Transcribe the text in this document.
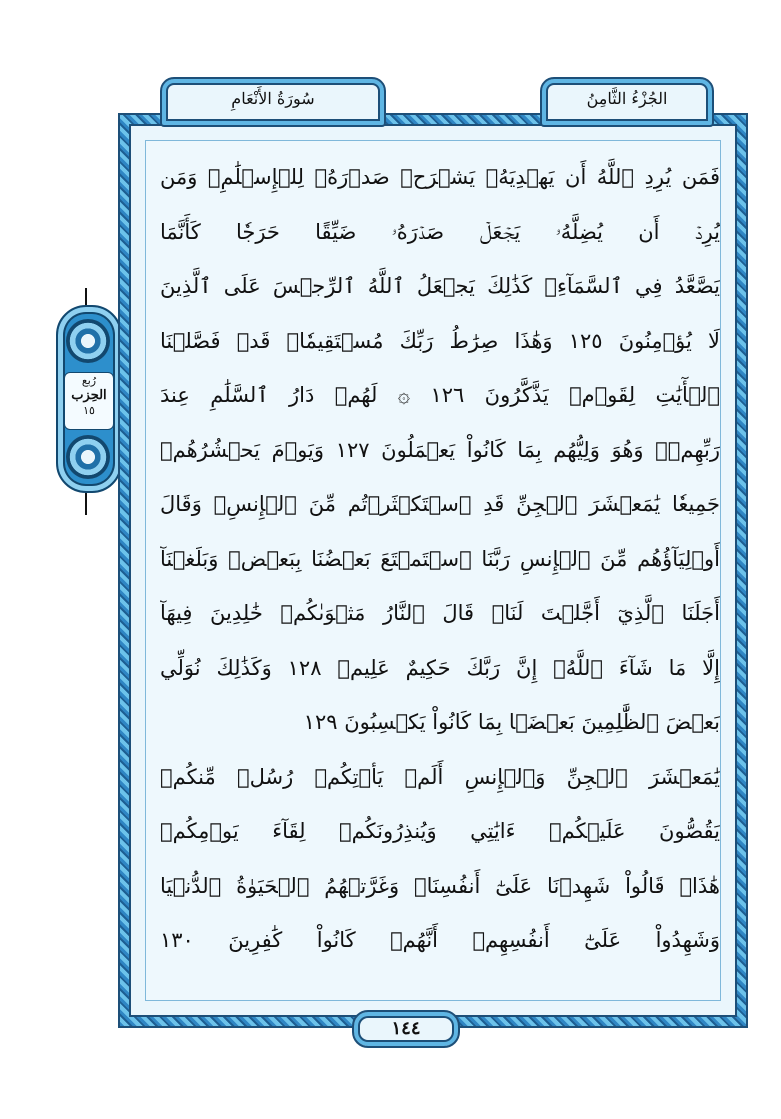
رُبع
الحِزب
١٥
سُورَةُ الأَنْعَامِ	الجُزْءُ الثَّامِنُ
فَمَن يُرِدِ ٱللَّهُ أَن يَهۡدِيَهُۥ يَشۡرَحۡ صَدۡرَهُۥ لِلۡإِسۡلَٰمِۖ وَمَن
يُرِدۡ أَن يُضِلَّهُۥ يَجۡعَلۡ صَدۡرَهُۥ ضَيِّقًا حَرَجٗا كَأَنَّمَا
يَصَّعَّدُ فِي ٱلسَّمَآءِۚ كَذَٰلِكَ يَجۡعَلُ ٱللَّهُ ٱلرِّجۡسَ عَلَى ٱلَّذِينَ
لَا يُؤۡمِنُونَ ١٢٥ وَهَٰذَا صِرَٰطُ رَبِّكَ مُسۡتَقِيمٗاۗ قَدۡ فَصَّلۡنَا
ٱلۡأٓيَٰتِ لِقَوۡمٖ يَذَّكَّرُونَ ١٢٦ ۞ لَهُمۡ دَارُ ٱلسَّلَٰمِ عِندَ
رَبِّهِمۡۖ وَهُوَ وَلِيُّهُم بِمَا كَانُواْ يَعۡمَلُونَ ١٢٧ وَيَوۡمَ يَحۡشُرُهُمۡ
جَمِيعٗا يَٰمَعۡشَرَ ٱلۡجِنِّ قَدِ ٱسۡتَكۡثَرۡتُم مِّنَ ٱلۡإِنسِۖ وَقَالَ
أَوۡلِيَآؤُهُم مِّنَ ٱلۡإِنسِ رَبَّنَا ٱسۡتَمۡتَعَ بَعۡضُنَا بِبَعۡضٖ وَبَلَغۡنَآ
أَجَلَنَا ٱلَّذِيٓ أَجَّلۡتَ لَنَاۚ قَالَ ٱلنَّارُ مَثۡوَىٰكُمۡ خَٰلِدِينَ فِيهَآ
إِلَّا مَا شَآءَ ٱللَّهُۗ إِنَّ رَبَّكَ حَكِيمٌ عَلِيمٞ ١٢٨ وَكَذَٰلِكَ نُوَلِّي
بَعۡضَ ٱلظَّٰلِمِينَ بَعۡضَۢا بِمَا كَانُواْ يَكۡسِبُونَ ١٢٩
يَٰمَعۡشَرَ ٱلۡجِنِّ وَٱلۡإِنسِ أَلَمۡ يَأۡتِكُمۡ رُسُلٞ مِّنكُمۡ
يَقُصُّونَ عَلَيۡكُمۡ ءَايَٰتِي وَيُنذِرُونَكُمۡ لِقَآءَ يَوۡمِكُمۡ
هَٰذَاۚ قَالُواْ شَهِدۡنَا عَلَىٰٓ أَنفُسِنَاۖ وَغَرَّتۡهُمُ ٱلۡحَيَوٰةُ ٱلدُّنۡيَا
وَشَهِدُواْ عَلَىٰٓ أَنفُسِهِمۡ أَنَّهُمۡ كَانُواْ كَٰفِرِينَ ١٣٠
١٤٤
